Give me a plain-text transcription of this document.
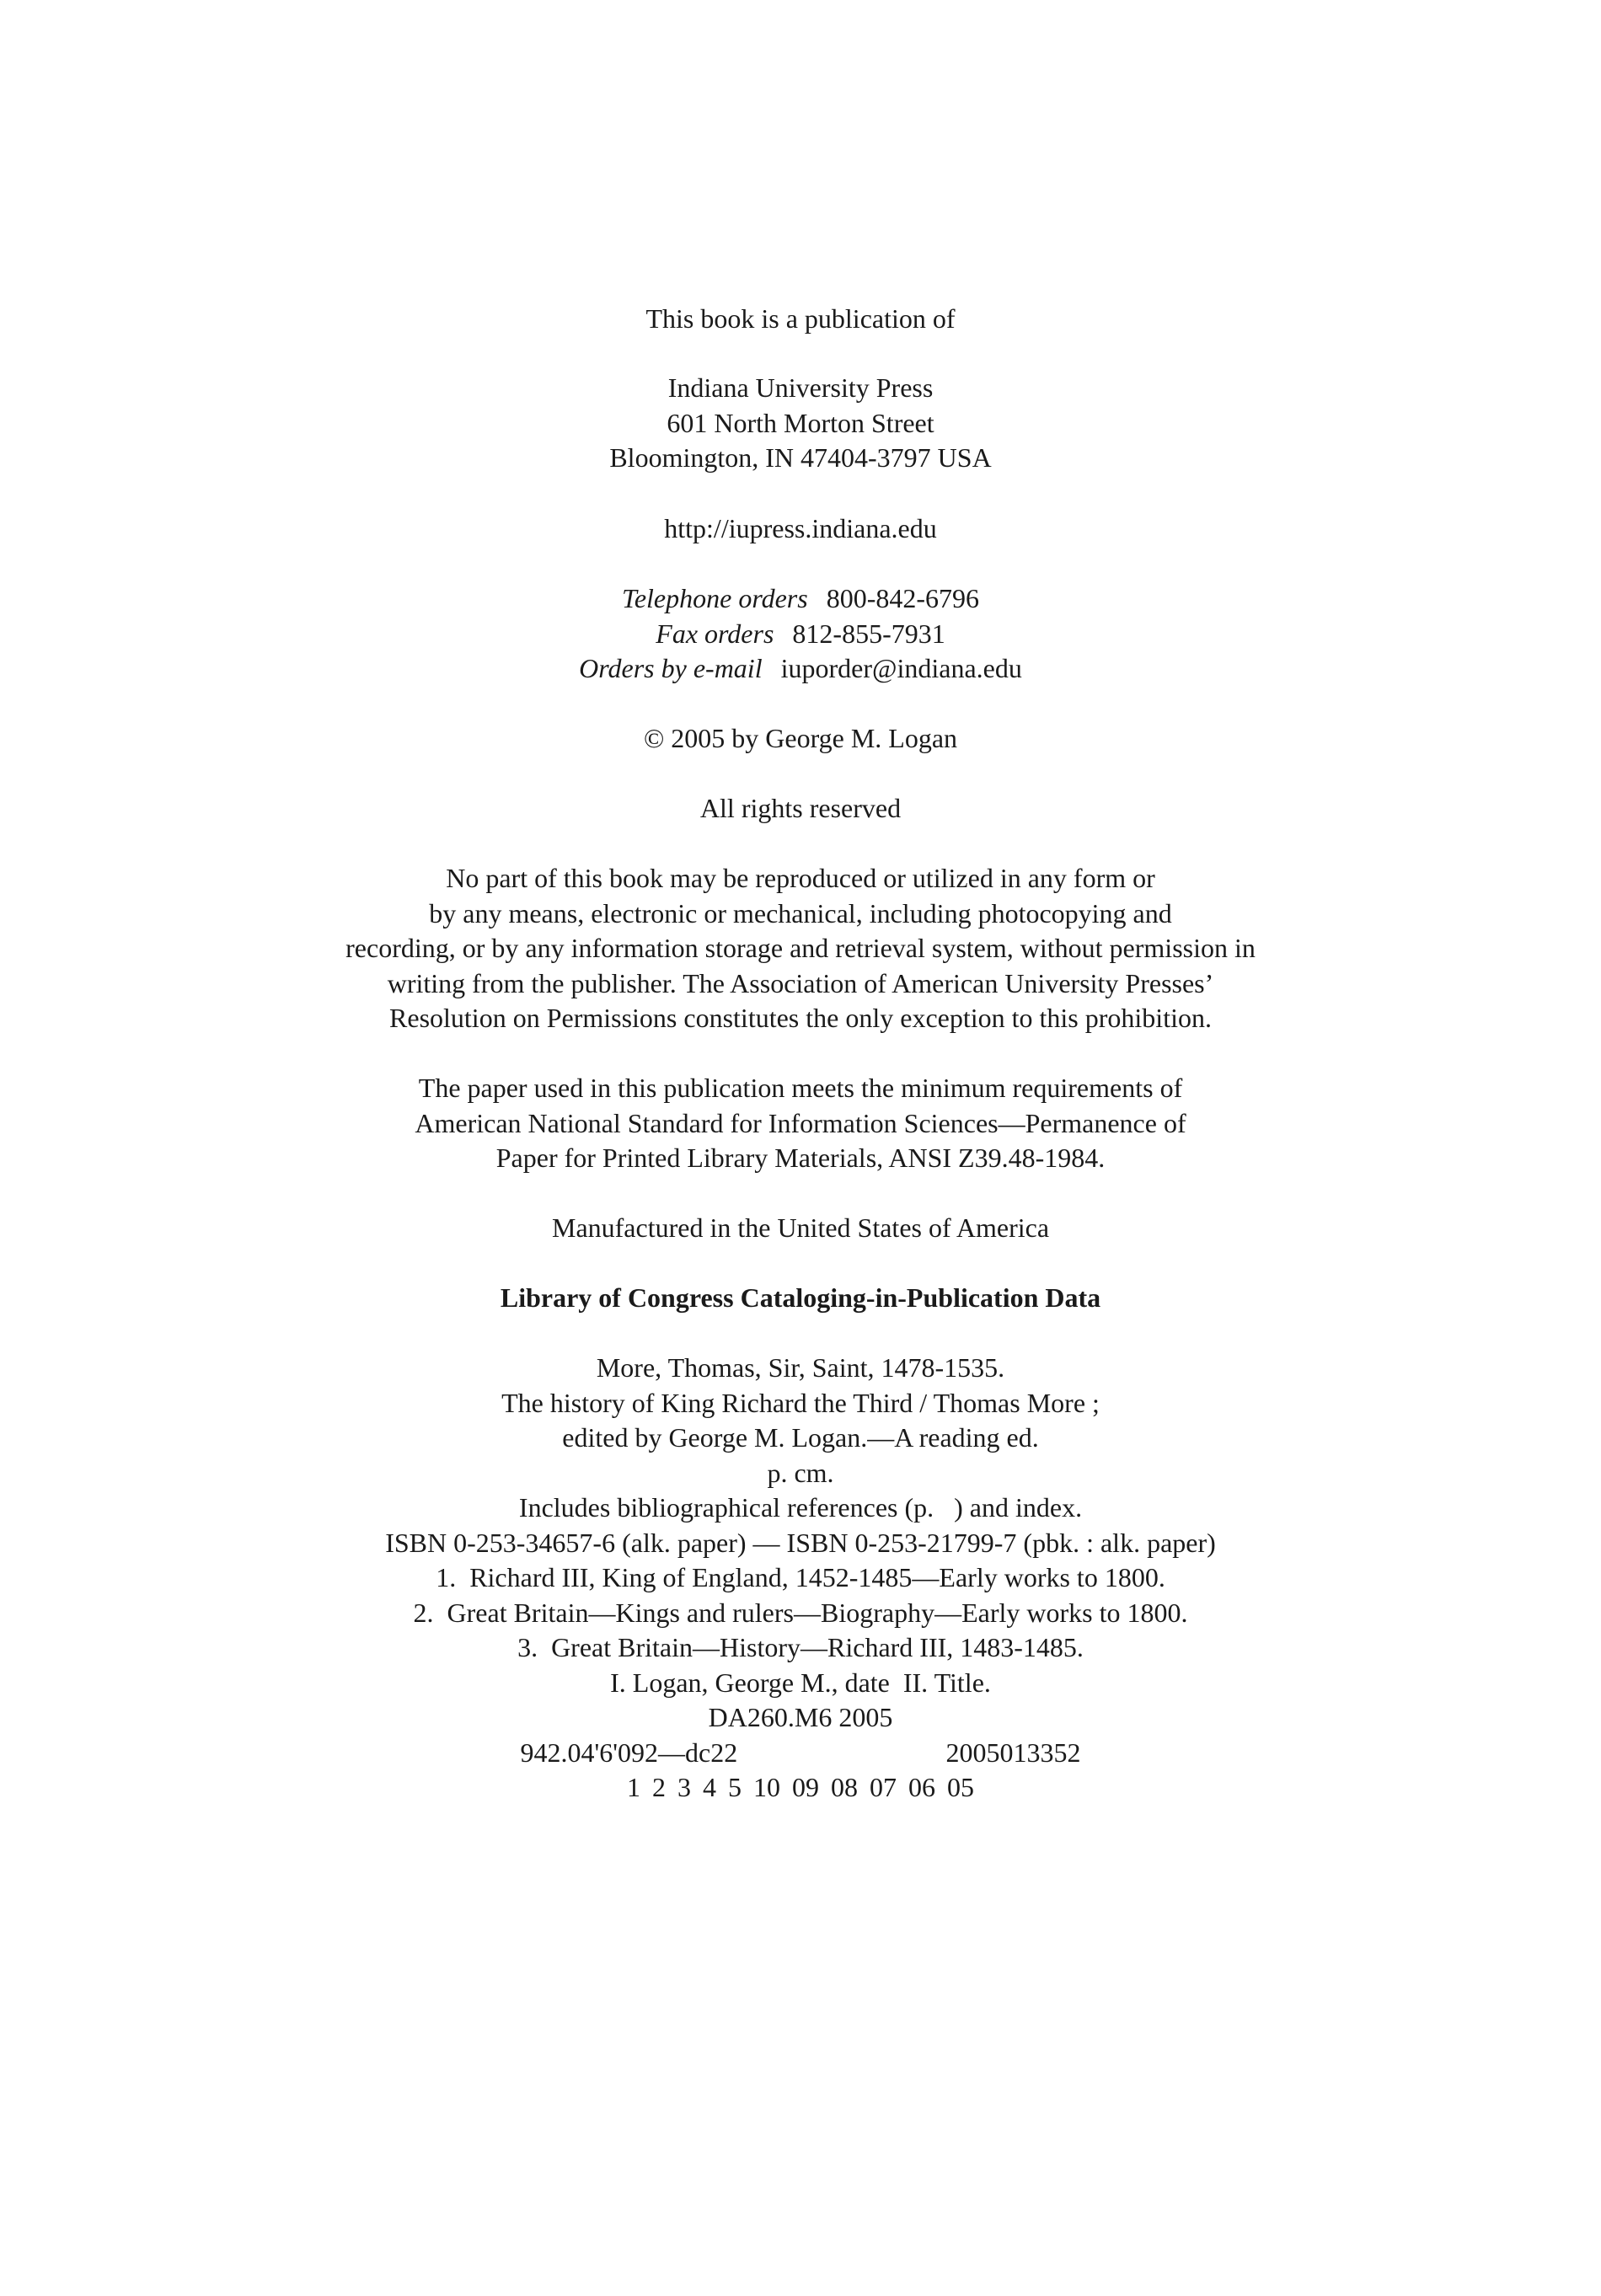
This book is a publication of
Indiana University Press
601 North Morton Street
Bloomington, IN 47404-3797 USA
http://iupress.indiana.edu
Telephone orders 800-842-6796
Fax orders 812-855-7931
Orders by e-mail iuporder@indiana.edu
© 2005 by George M. Logan
All rights reserved
No part of this book may be reproduced or utilized in any form or
by any means, electronic or mechanical, including photocopying and
recording, or by any information storage and retrieval system, without permission in
writing from the publisher. The Association of American University Presses’
Resolution on Permissions constitutes the only exception to this prohibition.
The paper used in this publication meets the minimum requirements of
American National Standard for Information Sciences—Permanence of
Paper for Printed Library Materials, ANSI Z39.48-1984.
Manufactured in the United States of America
Library of Congress Cataloging-in-Publication Data
More, Thomas, Sir, Saint, 1478-1535.
The history of King Richard the Third / Thomas More ;
edited by George M. Logan.—A reading ed.
p. cm.
Includes bibliographical references (p.   ) and index.
ISBN 0-253-34657-6 (alk. paper) — ISBN 0-253-21799-7 (pbk. : alk. paper)
1.  Richard III, King of England, 1452-1485—Early works to 1800.
2.  Great Britain—Kings and rulers—Biography—Early works to 1800.
3.  Great Britain—History—Richard III, 1483-1485.
I. Logan, George M., date  II. Title.
DA260.M6 2005
942.04'6'092—dc22	2005013352
1 2 3 4 5 10 09 08 07 06 05
